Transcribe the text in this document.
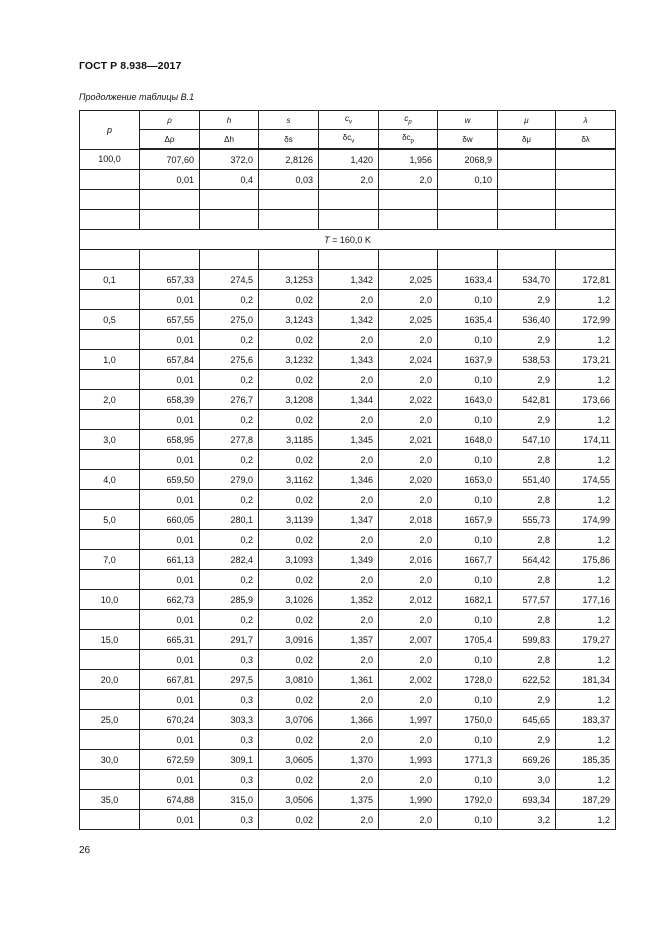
ГОСТ Р 8.938—2017
Продолжение таблицы В.1
p	ρ	h	s	$c_v$	$c_p$	w	μ	λ
	Δρ	Δh	δs	$\delta c_v$	$\delta c_p$	δw	δμ	δλ
100,0	707,60	372,0	2,8126	1,420	1,956	2068,9		
	0,01	0,4	0,03	2,0	2,0	0,10		

T = 160,0 K								

0,1	657,33	274,5	3,1253	1,342	2,025	1633,4	534,70	172,81
	0,01	0,2	0,02	2,0	2,0	0,10	2,9	1,2
0,5	657,55	275,0	3,1243	1,342	2,025	1635,4	536,40	172,99
	0,01	0,2	0,02	2,0	2,0	0,10	2,9	1,2
1,0	657,84	275,6	3,1232	1,343	2,024	1637,9	538,53	173,21
	0,01	0,2	0,02	2,0	2,0	0,10	2,9	1,2
2,0	658,39	276,7	3,1208	1,344	2,022	1643,0	542,81	173,66
	0,01	0,2	0,02	2,0	2,0	0,10	2,9	1,2
3,0	658,95	277,8	3,1185	1,345	2,021	1648,0	547,10	174,11
	0,01	0,2	0,02	2,0	2,0	0,10	2,8	1,2
4,0	659,50	279,0	3,1162	1,346	2,020	1653,0	551,40	174,55
	0,01	0,2	0,02	2,0	2,0	0,10	2,8	1,2
5,0	660,05	280,1	3,1139	1,347	2,018	1657,9	555,73	174,99
	0,01	0,2	0,02	2,0	2,0	0,10	2,8	1,2
7,0	661,13	282,4	3,1093	1,349	2,016	1667,7	564,42	175,86
	0,01	0,2	0,02	2,0	2,0	0,10	2,8	1,2
10,0	662,73	285,9	3,1026	1,352	2,012	1682,1	577,57	177,16
	0,01	0,2	0,02	2,0	2,0	0,10	2,8	1,2
15,0	665,31	291,7	3,0916	1,357	2,007	1705,4	599,83	179,27
	0,01	0,3	0,02	2,0	2,0	0,10	2,8	1,2
20,0	667,81	297,5	3,0810	1,361	2,002	1728,0	622,52	181,34
	0,01	0,3	0,02	2,0	2,0	0,10	2,9	1,2
25,0	670,24	303,3	3,0706	1,366	1,997	1750,0	645,65	183,37
	0,01	0,3	0,02	2,0	2,0	0,10	2,9	1,2
30,0	672,59	309,1	3,0605	1,370	1,993	1771,3	669,26	185,35
	0,01	0,3	0,02	2,0	2,0	0,10	3,0	1,2
35,0	674,88	315,0	3,0506	1,375	1,990	1792,0	693,34	187,29
	0,01	0,3	0,02	2,0	2,0	0,10	3,2	1,2
26
